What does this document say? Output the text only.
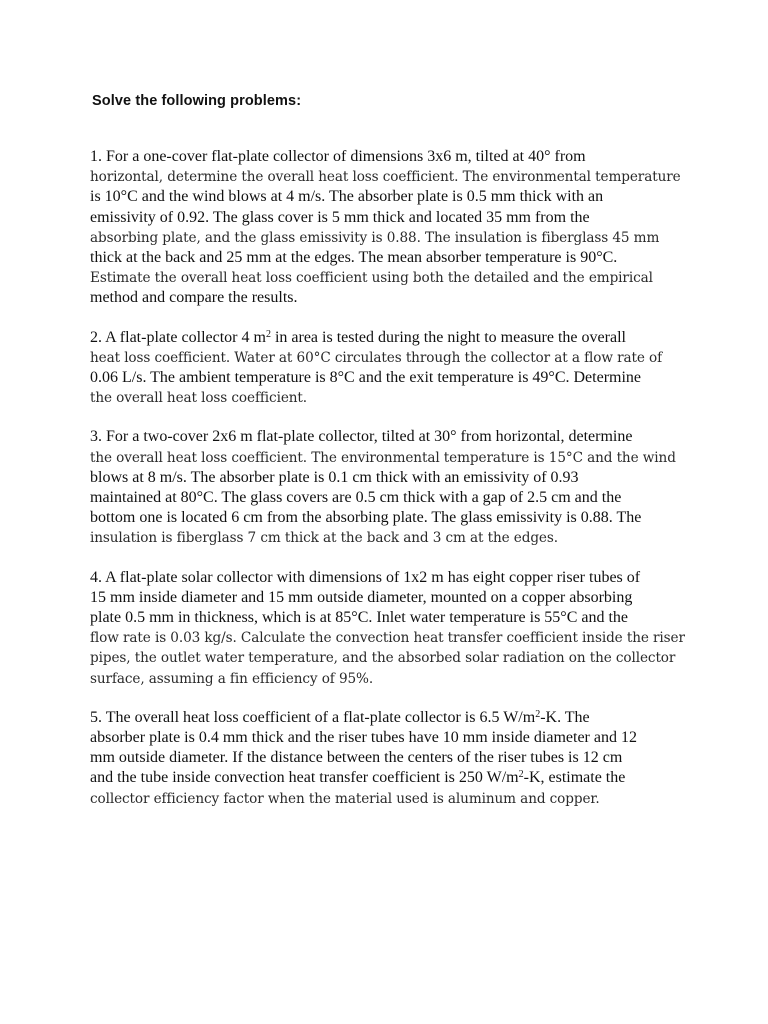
Solve the following problems:

1. For a one-cover flat-plate collector of dimensions 3x6 m, tilted at 40° from
horizontal, determine the overall heat loss coefficient. The environmental temperature
is 10°C and the wind blows at 4 m/s. The absorber plate is 0.5 mm thick with an
emissivity of 0.92. The glass cover is 5 mm thick and located 35 mm from the
absorbing plate, and the glass emissivity is 0.88. The insulation is fiberglass 45 mm
thick at the back and 25 mm at the edges. The mean absorber temperature is 90°C.
Estimate the overall heat loss coefficient using both the detailed and the empirical
method and compare the results.

2. A flat-plate collector 4 $m^2$ in area is tested during the night to measure the overall
heat loss coefficient. Water at 60°C circulates through the collector at a flow rate of
0.06 L/s. The ambient temperature is 8°C and the exit temperature is 49°C. Determine
the overall heat loss coefficient.

3. For a two-cover 2x6 m flat-plate collector, tilted at 30° from horizontal, determine
the overall heat loss coefficient. The environmental temperature is 15°C and the wind
blows at 8 m/s. The absorber plate is 0.1 cm thick with an emissivity of 0.93
maintained at 80°C. The glass covers are 0.5 cm thick with a gap of 2.5 cm and the
bottom one is located 6 cm from the absorbing plate. The glass emissivity is 0.88. The
insulation is fiberglass 7 cm thick at the back and 3 cm at the edges.

4. A flat-plate solar collector with dimensions of 1x2 m has eight copper riser tubes of
15 mm inside diameter and 15 mm outside diameter, mounted on a copper absorbing
plate 0.5 mm in thickness, which is at 85°C. Inlet water temperature is 55°C and the
flow rate is 0.03 kg/s. Calculate the convection heat transfer coefficient inside the riser
pipes, the outlet water temperature, and the absorbed solar radiation on the collector
surface, assuming a fin efficiency of 95%.

5. The overall heat loss coefficient of a flat-plate collector is 6.5 $W/m^2-K$. The
absorber plate is 0.4 mm thick and the riser tubes have 10 mm inside diameter and 12
mm outside diameter. If the distance between the centers of the riser tubes is 12 cm
and the tube inside convection heat transfer coefficient is 250 $W/m^2-K$, estimate the
collector efficiency factor when the material used is aluminum and copper.
